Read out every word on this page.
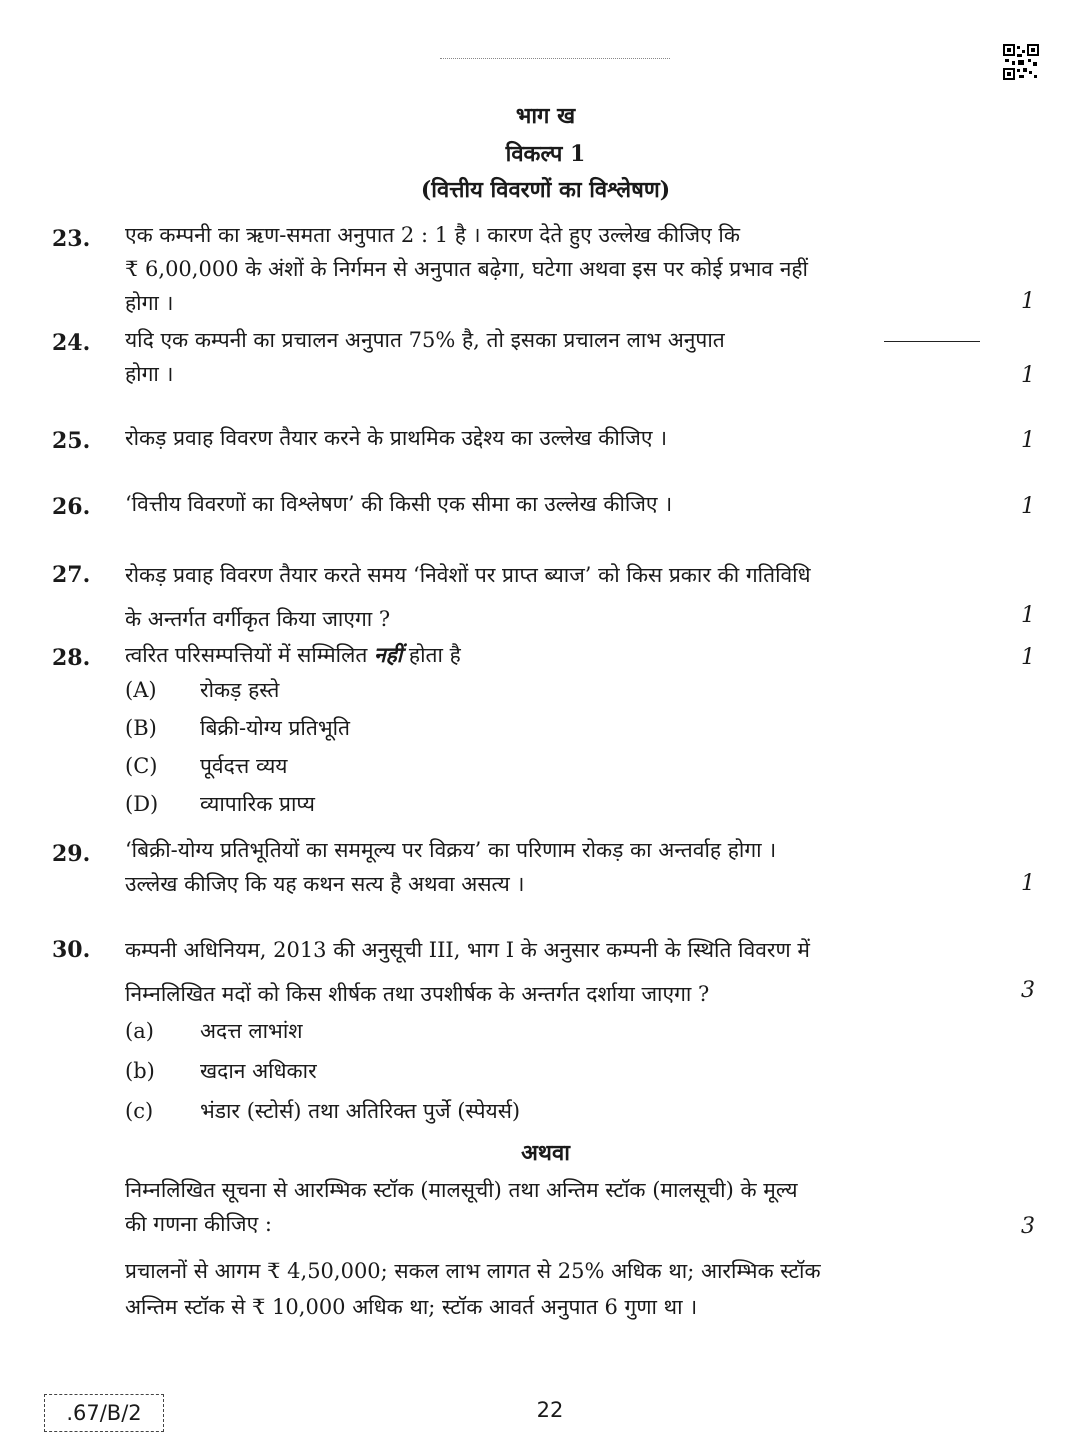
भाग ख
विकल्प 1
(वित्तीय विवरणों का विश्लेषण)
23. एक कम्पनी का ऋण-समता अनुपात 2 : 1 है । कारण देते हुए उल्लेख कीजिए कि
₹ 6,00,000 के अंशों के निर्गमन से अनुपात बढ़ेगा, घटेगा अथवा इस पर कोई प्रभाव नहीं
होगा ।	1
24. यदि एक कम्पनी का प्रचालन अनुपात 75% है, तो इसका प्रचालन लाभ अनुपात
होगा ।	1
25. रोकड़ प्रवाह विवरण तैयार करने के प्राथमिक उद्देश्य का उल्लेख कीजिए ।	1
26. ‘वित्तीय विवरणों का विश्लेषण’ की किसी एक सीमा का उल्लेख कीजिए ।	1
27. रोकड़ प्रवाह विवरण तैयार करते समय ‘निवेशों पर प्राप्त ब्याज’ को किस प्रकार की गतिविधि
के अन्तर्गत वर्गीकृत किया जाएगा ?	1
28. त्वरित परिसम्पत्तियों में सम्मिलित नहीं होता है	1
(A) रोकड़ हस्ते
(B) बिक्री-योग्य प्रतिभूति
(C) पूर्वदत्त व्यय
(D) व्यापारिक प्राप्य
29. ‘बिक्री-योग्य प्रतिभूतियों का सममूल्य पर विक्रय’ का परिणाम रोकड़ का अन्तर्वाह होगा ।
उल्लेख कीजिए कि यह कथन सत्य है अथवा असत्य ।	1
30. कम्पनी अधिनियम, 2013 की अनुसूची III, भाग I के अनुसार कम्पनी के स्थिति विवरण में
निम्नलिखित मदों को किस शीर्षक तथा उपशीर्षक के अन्तर्गत दर्शाया जाएगा ?	3
(a) अदत्त लाभांश
(b) खदान अधिकार
(c) भंडार (स्टोर्स) तथा अतिरिक्त पुर्जे (स्पेयर्स)
अथवा
निम्नलिखित सूचना से आरम्भिक स्टॉक (मालसूची) तथा अन्तिम स्टॉक (मालसूची) के मूल्य
की गणना कीजिए :	3
प्रचालनों से आगम ₹ 4,50,000; सकल लाभ लागत से 25% अधिक था; आरम्भिक स्टॉक
अन्तिम स्टॉक से ₹ 10,000 अधिक था; स्टॉक आवर्त अनुपात 6 गुणा था ।
.67/B/2	22
